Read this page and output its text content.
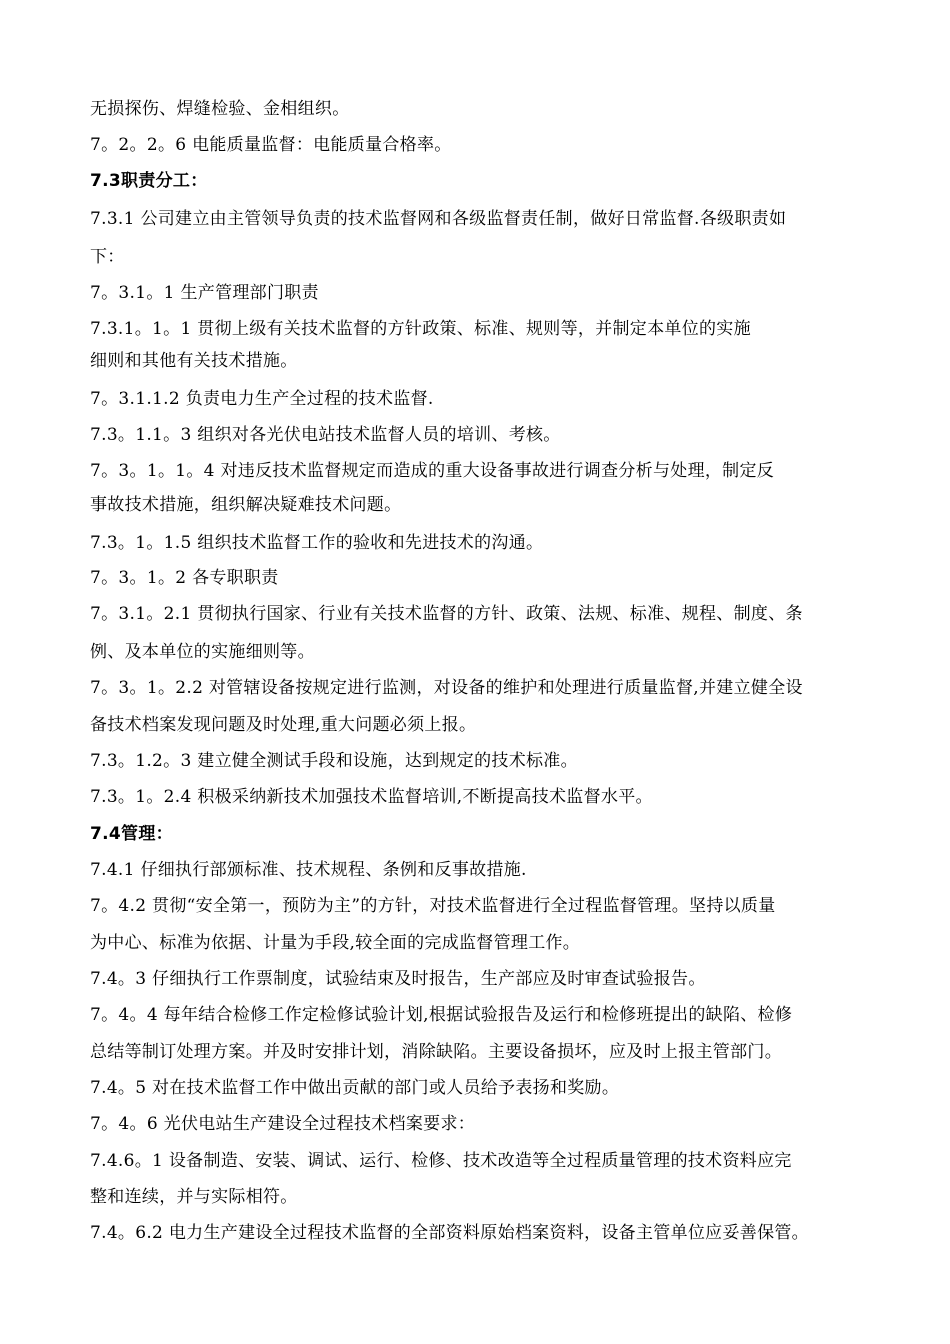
无损探伤、焊缝检验、金相组织。
7。2。2。6 电能质量监督：电能质量合格率。
7.3职责分工：
7.3.1 公司建立由主管领导负责的技术监督网和各级监督责任制，做好日常监督.各级职责如
下：
7。3.1。1 生产管理部门职责
7.3.1。1。1 贯彻上级有关技术监督的方针政策、标准、规则等，并制定本单位的实施
细则和其他有关技术措施。
7。3.1.1.2 负责电力生产全过程的技术监督.
7.3。1.1。3 组织对各光伏电站技术监督人员的培训、考核。
7。3。1。1。4 对违反技术监督规定而造成的重大设备事故进行调查分析与处理，制定反
事故技术措施，组织解决疑难技术问题。
7.3。1。1.5 组织技术监督工作的验收和先进技术的沟通。
7。3。1。2 各专职职责
7。3.1。2.1 贯彻执行国家、行业有关技术监督的方针、政策、法规、标准、规程、制度、条
例、及本单位的实施细则等。
7。3。1。2.2 对管辖设备按规定进行监测，对设备的维护和处理进行质量监督,并建立健全设
备技术档案发现问题及时处理,重大问题必须上报。
7.3。1.2。3 建立健全测试手段和设施，达到规定的技术标准。
7.3。1。2.4 积极采纳新技术加强技术监督培训,不断提高技术监督水平。
7.4管理：
7.4.1 仔细执行部颁标准、技术规程、条例和反事故措施.
7。4.2 贯彻“安全第一，预防为主”的方针，对技术监督进行全过程监督管理。坚持以质量
为中心、标准为依据、计量为手段,较全面的完成监督管理工作。
7.4。3 仔细执行工作票制度，试验结束及时报告，生产部应及时审查试验报告。
7。4。4 每年结合检修工作定检修试验计划,根据试验报告及运行和检修班提出的缺陷、检修
总结等制订处理方案。并及时安排计划，消除缺陷。主要设备损坏，应及时上报主管部门。
7.4。5 对在技术监督工作中做出贡献的部门或人员给予表扬和奖励。
7。4。6 光伏电站生产建设全过程技术档案要求：
7.4.6。1 设备制造、安装、调试、运行、检修、技术改造等全过程质量管理的技术资料应完
整和连续，并与实际相符。
7.4。6.2 电力生产建设全过程技术监督的全部资料原始档案资料，设备主管单位应妥善保管。
